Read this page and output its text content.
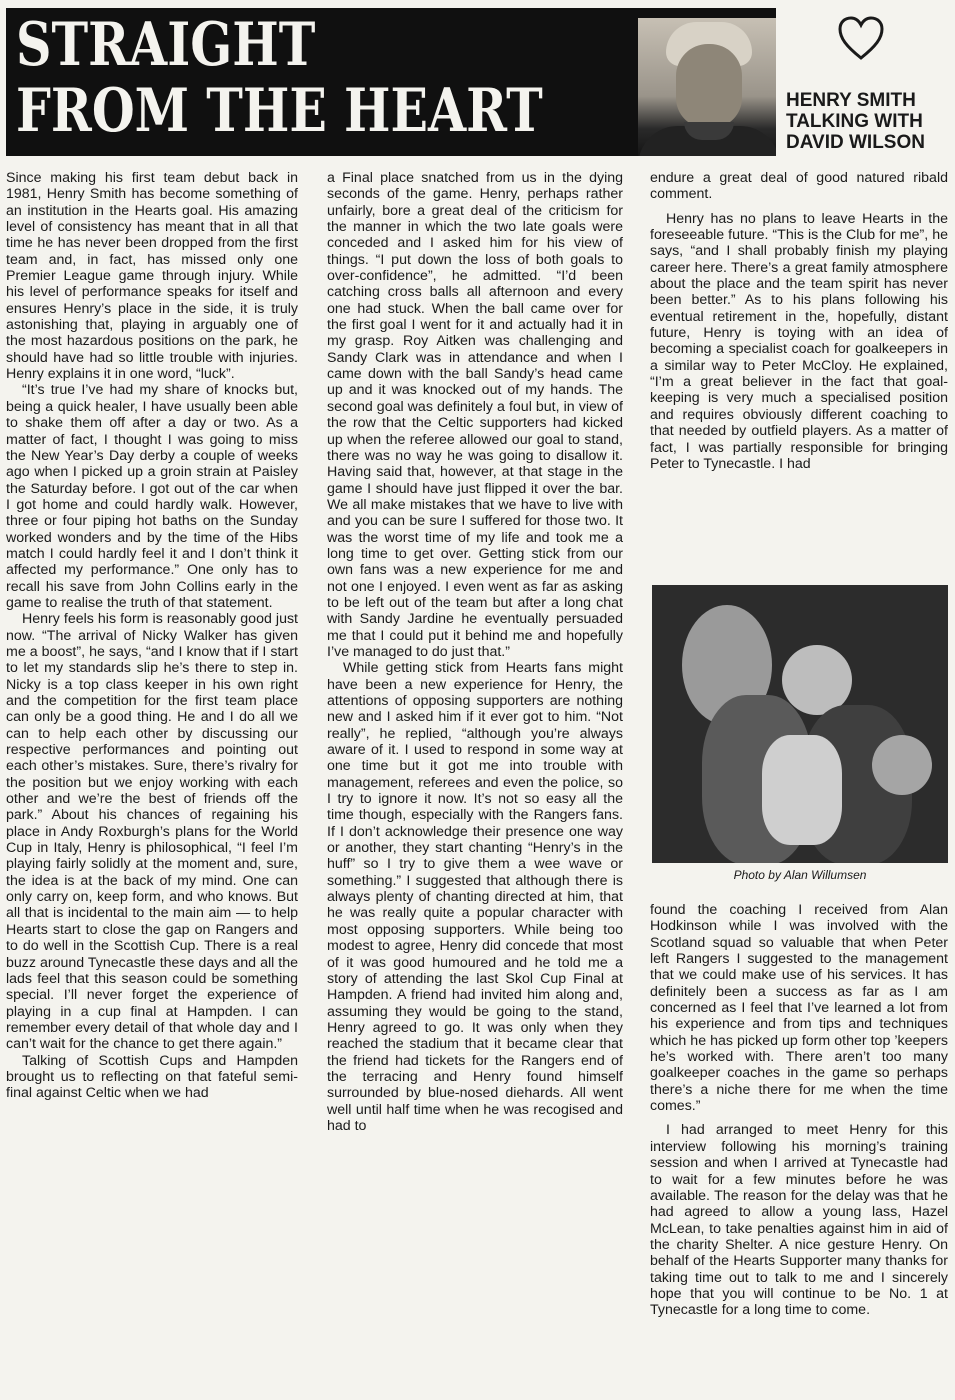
STRAIGHT
FROM THE HEART	HENRY SMITH
TALKING WITH
DAVID WILSON

Since making his first team debut back in 1981, Henry Smith has become something of an institution in the Hearts goal. His amazing level of consistency has meant that in all that time he has never been dropped from the first team and, in fact, has missed only one Premier League game through injury. While his level of performance speaks for itself and ensures Henry’s place in the side, it is truly astonishing that, playing in arguably one of the most hazardous positions on the park, he should have had so little trouble with injuries. Henry explains it in one word, “luck”.

“It’s true I’ve had my share of knocks but, being a quick healer, I have usually been able to shake them off after a day or two. As a matter of fact, I thought I was going to miss the New Year’s Day derby a couple of weeks ago when I picked up a groin strain at Paisley the Saturday before. I got out of the car when I got home and could hardly walk. However, three or four piping hot baths on the Sunday worked wonders and by the time of the Hibs match I could hardly feel it and I don’t think it affected my performance.” One only has to recall his save from John Collins early in the game to realise the truth of that statement.

Henry feels his form is reasonably good just now. “The arrival of Nicky Walker has given me a boost”, he says, “and I know that if I start to let my standards slip he’s there to step in. Nicky is a top class keeper in his own right and the competition for the first team place can only be a good thing. He and I do all we can to help each other by discussing our respective performances and pointing out each other’s mistakes. Sure, there’s rivalry for the position but we enjoy working with each other and we’re the best of friends off the park.” About his chances of regaining his place in Andy Roxburgh’s plans for the World Cup in Italy, Henry is philosophical, “I feel I’m playing fairly solidly at the moment and, sure, the idea is at the back of my mind. One can only carry on, keep form, and who knows. But all that is incidental to the main aim — to help Hearts start to close the gap on Rangers and to do well in the Scottish Cup. There is a real buzz around Tynecastle these days and all the lads feel that this season could be something special. I’ll never forget the experience of playing in a cup final at Hampden. I can remember every detail of that whole day and I can’t wait for the chance to get there again.”

Talking of Scottish Cups and Hampden brought us to reflecting on that fateful semi-final against Celtic when we had

a Final place snatched from us in the dying seconds of the game. Henry, perhaps rather unfairly, bore a great deal of the criticism for the manner in which the two late goals were conceded and I asked him for his view of things. “I put down the loss of both goals to over-confidence”, he admitted. “I’d been catching cross balls all afternoon and every one had stuck. When the ball came over for the first goal I went for it and actually had it in my grasp. Roy Aitken was challenging and Sandy Clark was in attendance and when I came down with the ball Sandy’s head came up and it was knocked out of my hands. The second goal was definitely a foul but, in view of the row that the Celtic supporters had kicked up when the referee allowed our goal to stand, there was no way he was going to disallow it. Having said that, however, at that stage in the game I should have just flipped it over the bar. We all make mistakes that we have to live with and you can be sure I suffered for those two. It was the worst time of my life and took me a long time to get over. Getting stick from our own fans was a new experience for me and not one I enjoyed. I even went as far as asking to be left out of the team but after a long chat with Sandy Jardine he eventually persuaded me that I could put it behind me and hopefully I’ve managed to do just that.”

While getting stick from Hearts fans might have been a new experience for Henry, the attentions of opposing supporters are nothing new and I asked him if it ever got to him. “Not really”, he replied, “although you’re always aware of it. I used to respond in some way at one time but it got me into trouble with management, referees and even the police, so I try to ignore it now. It’s not so easy all the time though, especially with the Rangers fans. If I don’t acknowledge their presence one way or another, they start chanting “Henry’s in the huff” so I try to give them a wee wave or something.” I suggested that although there is always plenty of chanting directed at him, that he was really quite a popular character with most opposing supporters. While being too modest to agree, Henry did concede that most of it was good humoured and he told me a story of attending the last Skol Cup Final at Hampden. A friend had invited him along and, assuming they would be going to the stand, Henry agreed to go. It was only when they reached the stadium that it became clear that the friend had tickets for the Rangers end of the terracing and Henry found himself surrounded by blue-nosed diehards. All went well until half time when he was recogised and had to

endure a great deal of good natured ribald comment.

Henry has no plans to leave Hearts in the foreseeable future. “This is the Club for me”, he says, “and I shall probably finish my playing career here. There’s a great family atmosphere about the place and the team spirit has never been better.” As to his plans following his eventual retirement in the, hopefully, distant future, Henry is toying with an idea of becoming a specialist coach for goalkeepers in a similar way to Peter McCloy. He explained, “I’m a great believer in the fact that goal-keeping is very much a specialised position and requires obviously different coaching to that needed by outfield players. As a matter of fact, I was partially responsible for bringing Peter to Tynecastle. I had

Photo by Alan Willumsen

found the coaching I received from Alan Hodkinson while I was involved with the Scotland squad so valuable that when Peter left Rangers I suggested to the management that we could make use of his services. It has definitely been a success as far as I am concerned as I feel that I’ve learned a lot from his experience and from tips and techniques which he has picked up form other top ’keepers he’s worked with. There aren’t too many goalkeeper coaches in the game so perhaps there’s a niche there for me when the time comes.”

I had arranged to meet Henry for this interview following his morning’s training session and when I arrived at Tynecastle had to wait for a few minutes before he was available. The reason for the delay was that he had agreed to allow a young lass, Hazel McLean, to take penalties against him in aid of the charity Shelter. A nice gesture Henry. On behalf of the Hearts Supporter many thanks for taking time out to talk to me and I sincerely hope that you will continue to be No. 1 at Tynecastle for a long time to come.
